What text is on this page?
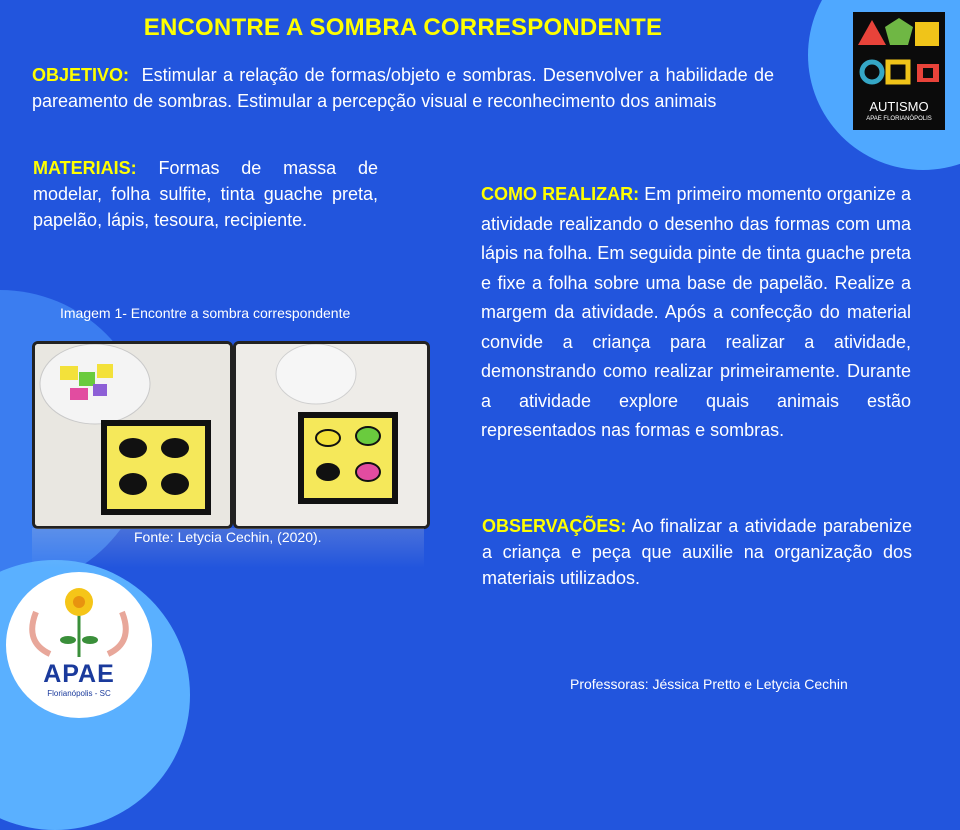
ENCONTRE A SOMBRA CORRESPONDENTE
OBJETIVO: Estimular a relação de formas/objeto e sombras. Desenvolver a habilidade de pareamento de sombras. Estimular a percepção visual e reconhecimento dos animais
MATERIAIS: Formas de massa de modelar, folha sulfite, tinta guache preta, papelão, lápis, tesoura, recipiente.
COMO REALIZAR: Em primeiro momento organize a atividade realizando o desenho das formas com uma lápis na folha. Em seguida pinte de tinta guache preta e fixe a folha sobre uma base de papelão. Realize a margem da atividade. Após a confecção do material convide a criança para realizar a atividade, demonstrando como realizar primeiramente. Durante a atividade explore quais animais estão representados nas formas e sombras.
OBSERVAÇÕES: Ao finalizar a atividade parabenize a criança e peça que auxilie na organização dos materiais utilizados.
AUTISMO
APAE FLORIANÓPOLIS
Imagem 1- Encontre a sombra correspondente
Fonte: Letycia Cechin, (2020).
APAE
Florianópolis - SC
Professoras: Jéssica Pretto e Letycia Cechin
